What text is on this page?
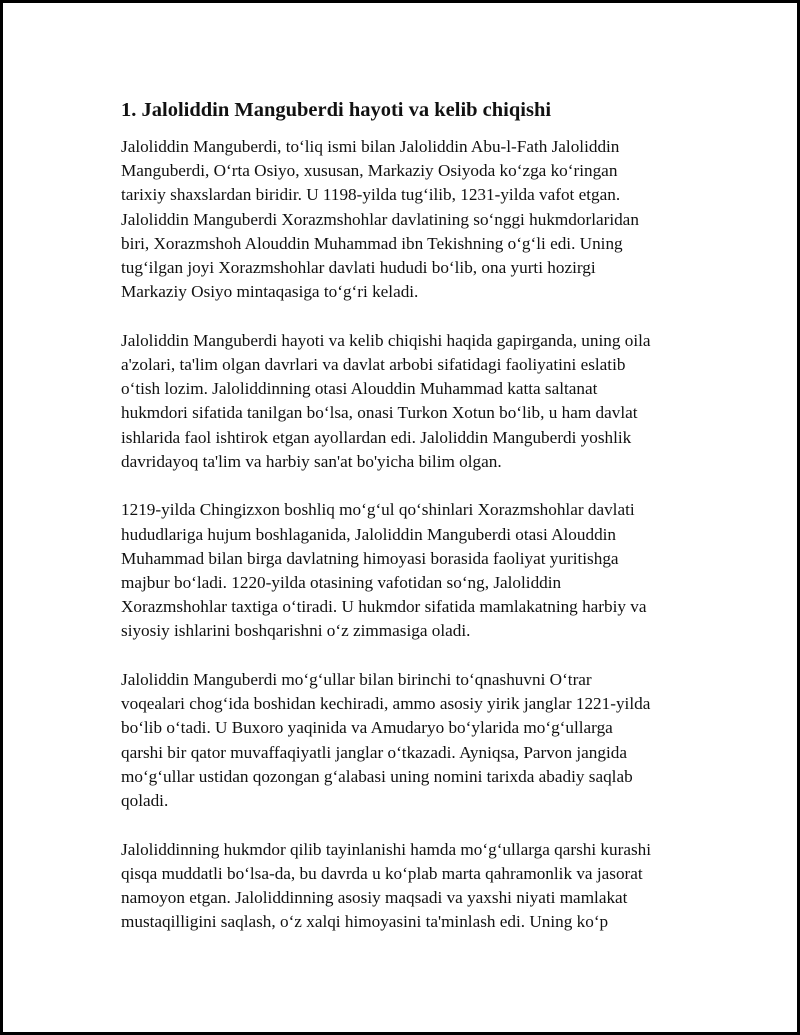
1. Jaloliddin Manguberdi hayoti va kelib chiqishi

Jaloliddin Manguberdi, to‘liq ismi bilan Jaloliddin Abu-l-Fath Jaloliddin
Manguberdi, O‘rta Osiyo, xususan, Markaziy Osiyoda ko‘zga ko‘ringan
tarixiy shaxslardan biridir. U 1198-yilda tug‘ilib, 1231-yilda vafot etgan.
Jaloliddin Manguberdi Xorazmshohlar davlatining so‘nggi hukmdorlaridan
biri, Xorazmshoh Alouddin Muhammad ibn Tekishning o‘g‘li edi. Uning
tug‘ilgan joyi Xorazmshohlar davlati hududi bo‘lib, ona yurti hozirgi
Markaziy Osiyo mintaqasiga to‘g‘ri keladi.

Jaloliddin Manguberdi hayoti va kelib chiqishi haqida gapirganda, uning oila
a'zolari, ta'lim olgan davrlari va davlat arbobi sifatidagi faoliyatini eslatib
o‘tish lozim. Jaloliddinning otasi Alouddin Muhammad katta saltanat
hukmdori sifatida tanilgan bo‘lsa, onasi Turkon Xotun bo‘lib, u ham davlat
ishlarida faol ishtirok etgan ayollardan edi. Jaloliddin Manguberdi yoshlik
davridayoq ta'lim va harbiy san'at bo'yicha bilim olgan.

1219-yilda Chingizxon boshliq mo‘g‘ul qo‘shinlari Xorazmshohlar davlati
hududlariga hujum boshlaganida, Jaloliddin Manguberdi otasi Alouddin
Muhammad bilan birga davlatning himoyasi borasida faoliyat yuritishga
majbur bo‘ladi. 1220-yilda otasining vafotidan so‘ng, Jaloliddin
Xorazmshohlar taxtiga o‘tiradi. U hukmdor sifatida mamlakatning harbiy va
siyosiy ishlarini boshqarishni o‘z zimmasiga oladi.

Jaloliddin Manguberdi mo‘g‘ullar bilan birinchi to‘qnashuvni O‘trar
voqealari chog‘ida boshidan kechiradi, ammo asosiy yirik janglar 1221-yilda
bo‘lib o‘tadi. U Buxoro yaqinida va Amudaryo bo‘ylarida mo‘g‘ullarga
qarshi bir qator muvaffaqiyatli janglar o‘tkazadi. Ayniqsa, Parvon jangida
mo‘g‘ullar ustidan qozongan g‘alabasi uning nomini tarixda abadiy saqlab
qoladi.

Jaloliddinning hukmdor qilib tayinlanishi hamda mo‘g‘ullarga qarshi kurashi
qisqa muddatli bo‘lsa-da, bu davrda u ko‘plab marta qahramonlik va jasorat
namoyon etgan. Jaloliddinning asosiy maqsadi va yaxshi niyati mamlakat
mustaqilligini saqlash, o‘z xalqi himoyasini ta'minlash edi. Uning ko‘p
